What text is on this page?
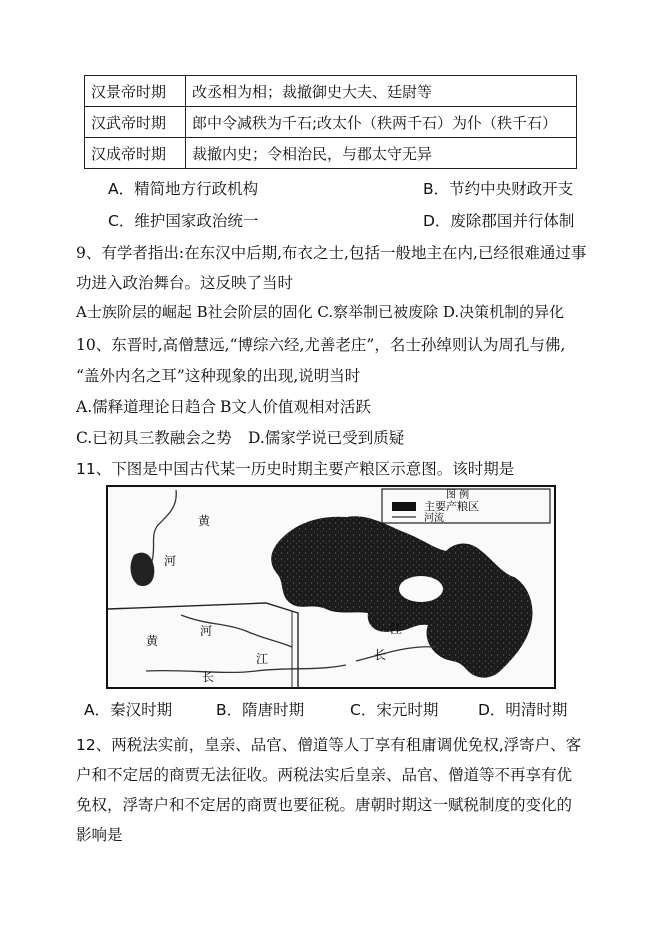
汉景帝时期	改丞相为相；裁撤御史大夫、廷尉等
汉武帝时期	郎中令减秩为千石;改太仆（秩两千石）为仆（秩千石）
汉成帝时期	裁撤内史；令相治民，与郡太守无异
A．精简地方行政机构	B．节约中央财政开支
C．维护国家政治统一	D．废除郡国并行体制
9、有学者指出:在东汉中后期,布衣之士,包括一般地主在内,已经很难通过事
功进入政治舞台。这反映了当时
A士族阶层的崛起 B社会阶层的固化 C.察举制已被废除 D.决策机制的异化
10、东晋时,高僧慧远,“博综六经,尤善老庄”，名士孙绰则认为周孔与佛,
“盖外内名之耳”这种现象的出现,说明当时
A.儒释道理论日趋合 B文人价值观相对活跃
C.已初具三教融会之势 D.儒家学说已受到质疑
11、下图是中国古代某一历史时期主要产粮区示意图。该时期是
图 例
主要产粮区
河流
黄
河
河
黄
江
长
长
江
A．秦汉时期	B．隋唐时期	C．宋元时期	D．明清时期
12、两税法实前，皇亲、品官、僧道等人丁享有租庸调优免权,浮寄户、客
户和不定居的商贾无法征收。两税法实后皇亲、品官、僧道等不再享有优
免权，浮寄户和不定居的商贾也要征税。唐朝时期这一赋税制度的变化的
影响是
